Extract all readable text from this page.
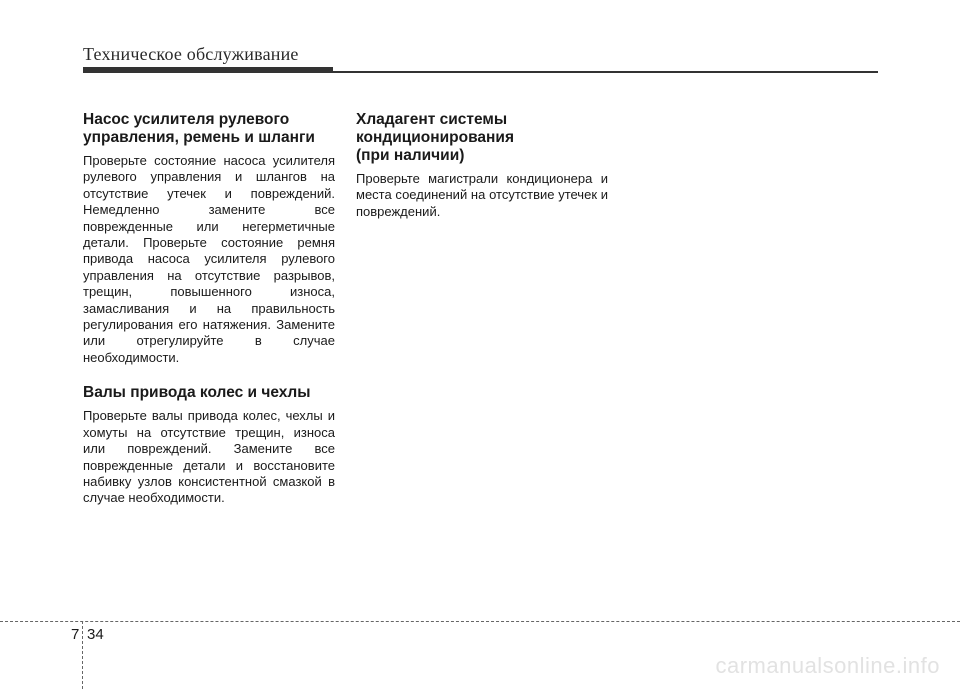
Техническое обслуживание
Насос усилителя рулевого
управления, ремень и шланги

Проверьте состояние насоса усилителя рулевого управления и шлангов на отсутствие утечек и повреждений. Немедленно замените все поврежденные или негерметичные детали. Проверьте состояние ремня привода насоса усилителя рулевого управления на отсутствие разрывов, трещин, повышенного износа, замасливания и на правильность регулирования его натяжения. Замените или отрегулируйте в случае необходимости.

Валы привода колес и чехлы

Проверьте валы привода колес, чехлы и хомуты на отсутствие трещин, износа или повреждений. Замените все поврежденные детали и восстановите набивку узлов консистентной смазкой в случае необходимости.

Хладагент системы
кондиционирования
(при наличии)

Проверьте магистрали кондиционера и места соединений на отсутствие утечек и повреждений.

7 34
carmanualsonline.info
